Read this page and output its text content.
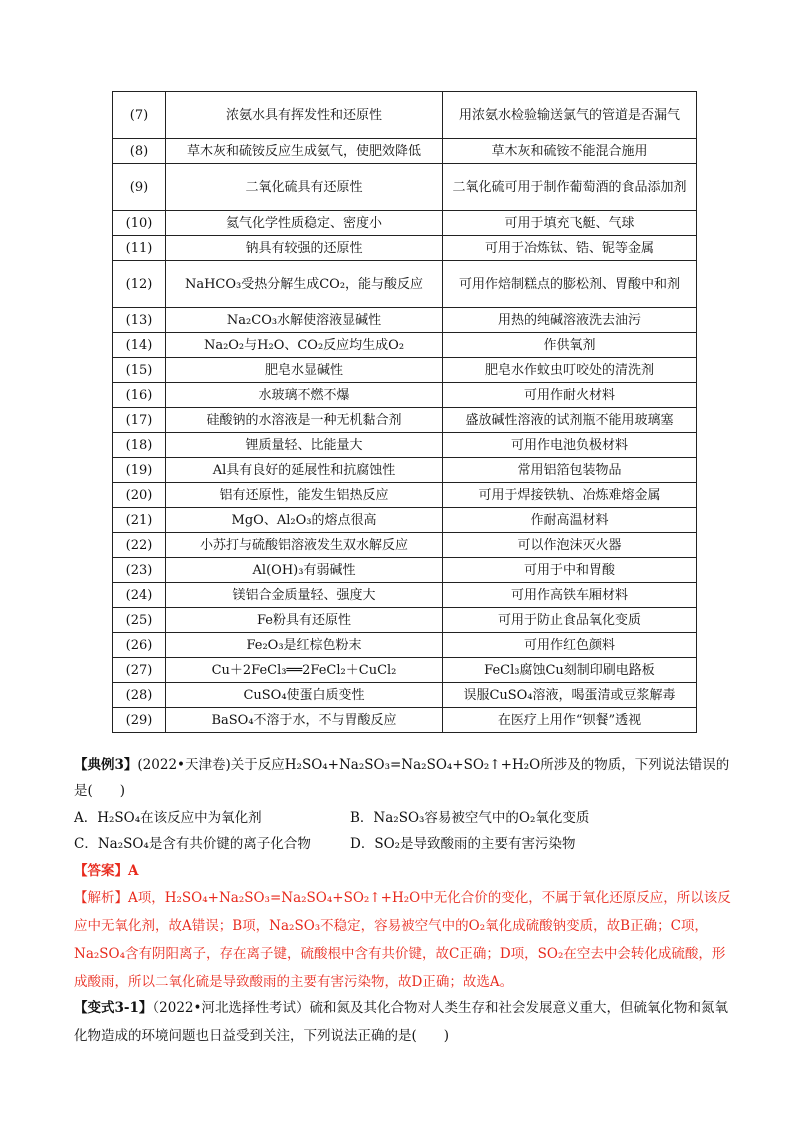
(7)	浓氨水具有挥发性和还原性	用浓氨水检验输送氯气的管道是否漏气
(8)	草木灰和硫铵反应生成氨气，使肥效降低	草木灰和硫铵不能混合施用
(9)	二氧化硫具有还原性	二氧化硫可用于制作葡萄酒的食品添加剂
(10)	氦气化学性质稳定、密度小	可用于填充飞艇、气球
(11)	钠具有较强的还原性	可用于冶炼钛、锆、铌等金属
(12)	NaHCO₃受热分解生成CO₂，能与酸反应	可用作焙制糕点的膨松剂、胃酸中和剂
(13)	Na₂CO₃水解使溶液显碱性	用热的纯碱溶液洗去油污
(14)	Na₂O₂与H₂O、CO₂反应均生成O₂	作供氧剂
(15)	肥皂水显碱性	肥皂水作蚊虫叮咬处的清洗剂
(16)	水玻璃不燃不爆	可用作耐火材料
(17)	硅酸钠的水溶液是一种无机黏合剂	盛放碱性溶液的试剂瓶不能用玻璃塞
(18)	锂质量轻、比能量大	可用作电池负极材料
(19)	Al具有良好的延展性和抗腐蚀性	常用铝箔包装物品
(20)	铝有还原性，能发生铝热反应	可用于焊接铁轨、冶炼难熔金属
(21)	MgO、Al₂O₃的熔点很高	作耐高温材料
(22)	小苏打与硫酸铝溶液发生双水解反应	可以作泡沫灭火器
(23)	Al(OH)₃有弱碱性	可用于中和胃酸
(24)	镁铝合金质量轻、强度大	可用作高铁车厢材料
(25)	Fe粉具有还原性	可用于防止食品氧化变质
(26)	Fe₂O₃是红棕色粉末	可用作红色颜料
(27)	Cu＋2FeCl₃══2FeCl₂＋CuCl₂	FeCl₃腐蚀Cu刻制印刷电路板
(28)	CuSO₄使蛋白质变性	误服CuSO₄溶液，喝蛋清或豆浆解毒
(29)	BaSO₄不溶于水，不与胃酸反应	在医疗上用作“钡餐”透视
【典例3】(2022•天津卷)关于反应H₂SO₄+Na₂SO₃=Na₂SO₄+SO₂↑+H₂O所涉及的物质，下列说法错误的是(　　)
A．H₂SO₄在该反应中为氧化剂	B．Na₂SO₃容易被空气中的O₂氧化变质
C．Na₂SO₄是含有共价键的离子化合物	D．SO₂是导致酸雨的主要有害污染物
【答案】A
【解析】A项，H₂SO₄+Na₂SO₃=Na₂SO₄+SO₂↑+H₂O中无化合价的变化，不属于氧化还原反应，所以该反应中无氧化剂，故A错误；B项，Na₂SO₃不稳定，容易被空气中的O₂氧化成硫酸钠变质，故B正确；C项，Na₂SO₄含有阴阳离子，存在离子键，硫酸根中含有共价键，故C正确；D项，SO₂在空去中会转化成硫酸，形成酸雨，所以二氧化硫是导致酸雨的主要有害污染物，故D正确；故选A。
【变式3-1】（2022•河北选择性考试）硫和氮及其化合物对人类生存和社会发展意义重大，但硫氧化物和氮氧化物造成的环境问题也日益受到关注，下列说法正确的是(　　)
